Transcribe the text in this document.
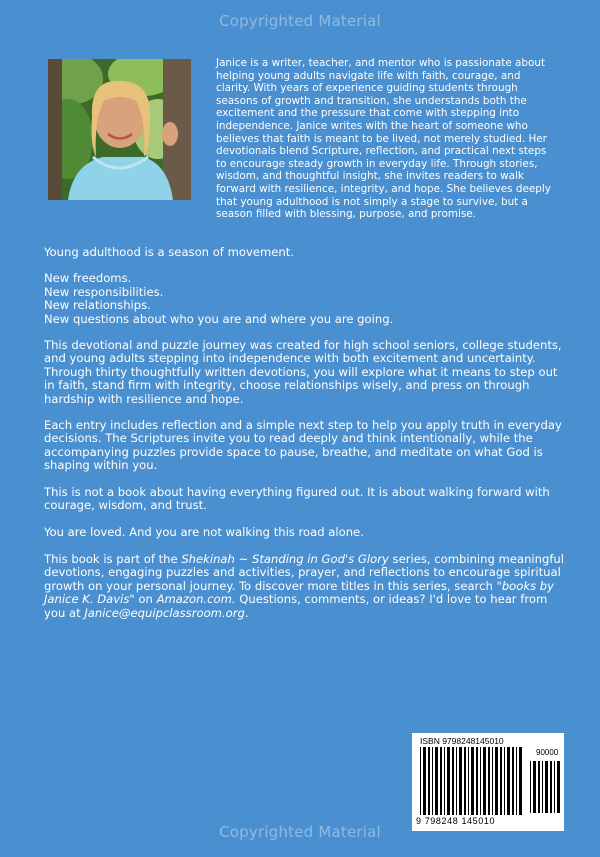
Copyrighted Material
Janice is a writer, teacher, and mentor who is passionate about helping young adults navigate life with faith, courage, and clarity. With years of experience guiding students through seasons of growth and transition, she understands both the excitement and the pressure that come with stepping into independence. Janice writes with the heart of someone who believes that faith is meant to be lived, not merely studied. Her devotionals blend Scripture, reflection, and practical next steps to encourage steady growth in everyday life. Through stories, wisdom, and thoughtful insight, she invites readers to walk forward with resilience, integrity, and hope. She believes deeply that young adulthood is not simply a stage to survive, but a season filled with blessing, purpose, and promise.

Young adulthood is a season of movement.

New freedoms.
New responsibilities.
New relationships.
New questions about who you are and where you are going.

This devotional and puzzle journey was created for high school seniors, college students, and young adults stepping into independence with both excitement and uncertainty. Through thirty thoughtfully written devotions, you will explore what it means to step out in faith, stand firm with integrity, choose relationships wisely, and press on through hardship with resilience and hope.

Each entry includes reflection and a simple next step to help you apply truth in everyday decisions. The Scriptures invite you to read deeply and think intentionally, while the accompanying puzzles provide space to pause, breathe, and meditate on what God is shaping within you.

This is not a book about having everything figured out. It is about walking forward with courage, wisdom, and trust.

You are loved. And you are not walking this road alone.

This book is part of the Shekinah ~ Standing in God's Glory series, combining meaningful devotions, engaging puzzles and activities, prayer, and reflections to encourage spiritual growth on your personal journey. To discover more titles in this series, search "books by Janice K. Davis" on Amazon.com. Questions, comments, or ideas? I'd love to hear from you at Janice@equipclassroom.org.

ISBN 9798248145010
90000
9 798248 145010
Copyrighted Material
